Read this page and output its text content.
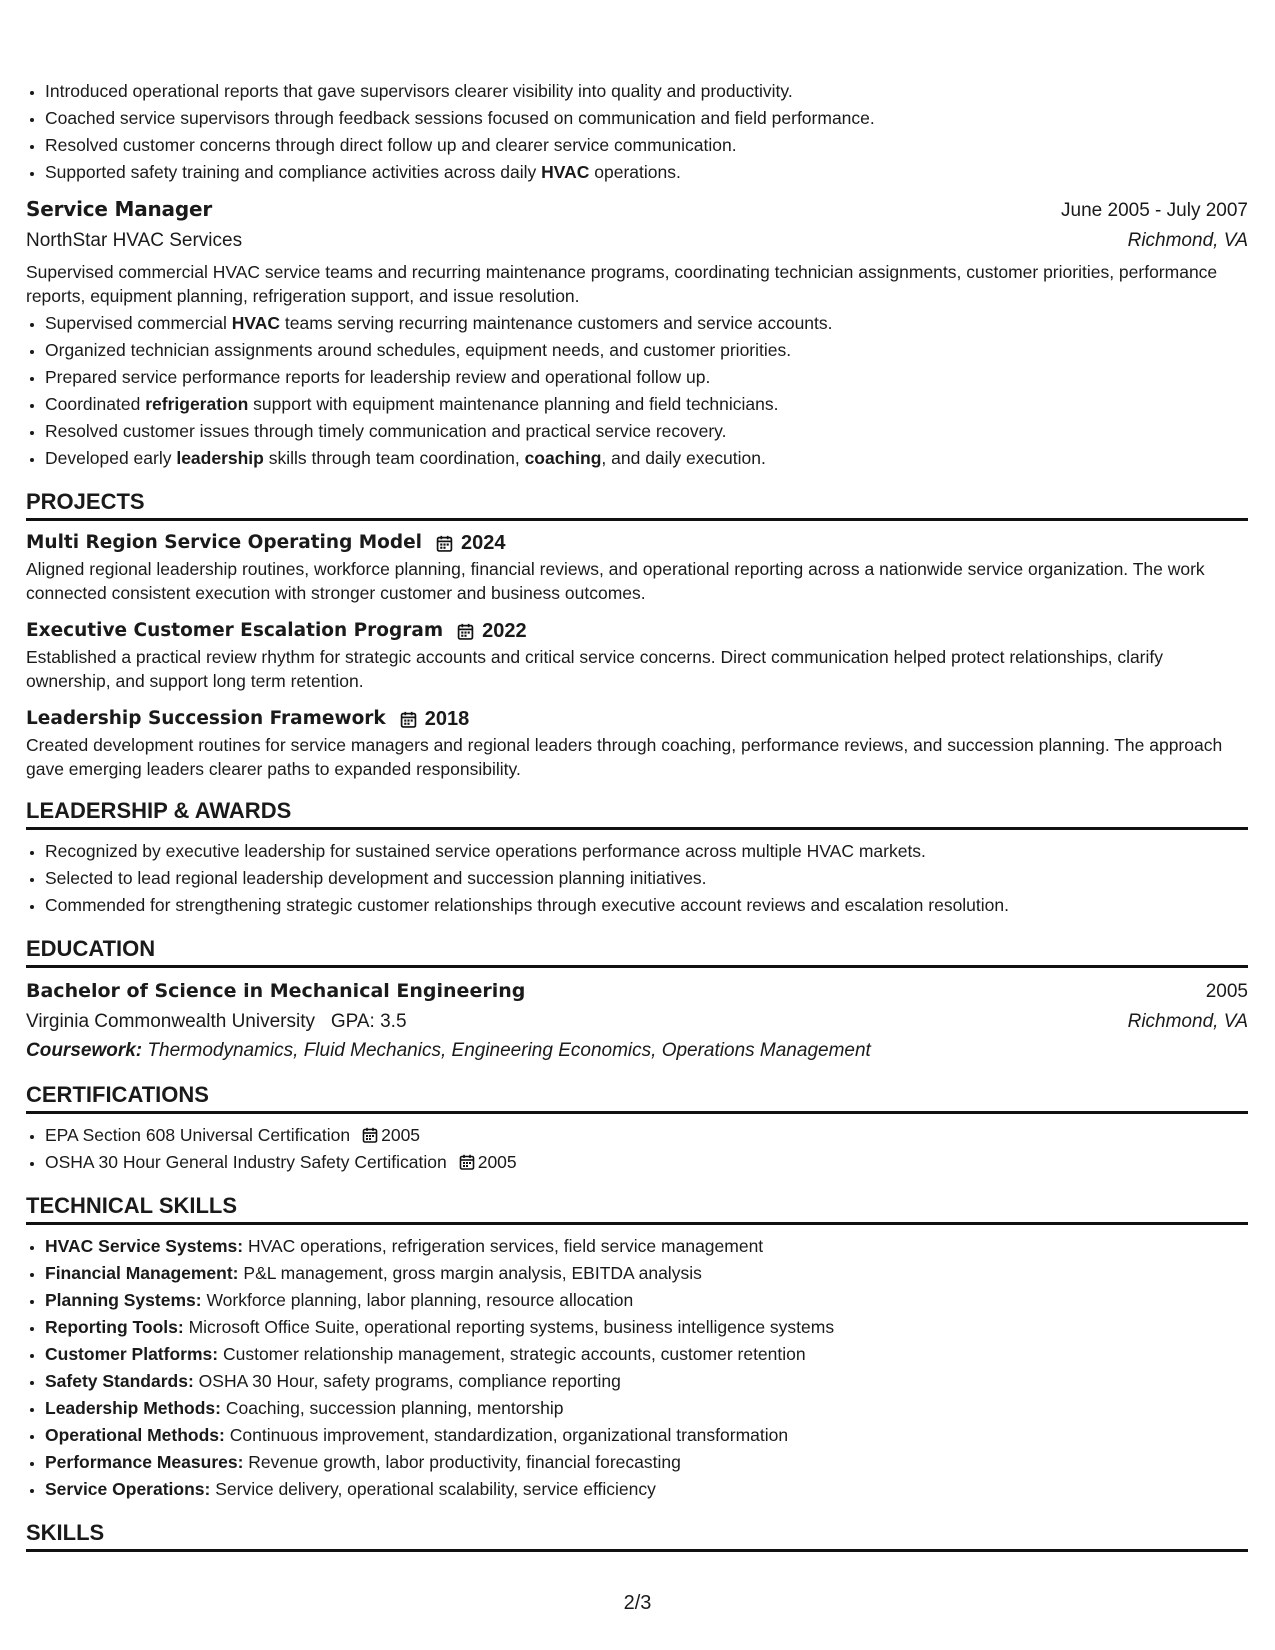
• Introduced operational reports that gave supervisors clearer visibility into quality and productivity.
• Coached service supervisors through feedback sessions focused on communication and field performance.
• Resolved customer concerns through direct follow up and clearer service communication.
• Supported safety training and compliance activities across daily HVAC operations.
Service Manager	June 2005 - July 2007
NorthStar HVAC Services	Richmond, VA
Supervised commercial HVAC service teams and recurring maintenance programs, coordinating technician assignments, customer priorities, performance reports, equipment planning, refrigeration support, and issue resolution.
• Supervised commercial HVAC teams serving recurring maintenance customers and service accounts.
• Organized technician assignments around schedules, equipment needs, and customer priorities.
• Prepared service performance reports for leadership review and operational follow up.
• Coordinated refrigeration support with equipment maintenance planning and field technicians.
• Resolved customer issues through timely communication and practical service recovery.
• Developed early leadership skills through team coordination, coaching, and daily execution.
PROJECTS
Multi Region Service Operating Model 2024
Aligned regional leadership routines, workforce planning, financial reviews, and operational reporting across a nationwide service organization. The work connected consistent execution with stronger customer and business outcomes.
Executive Customer Escalation Program 2022
Established a practical review rhythm for strategic accounts and critical service concerns. Direct communication helped protect relationships, clarify ownership, and support long term retention.
Leadership Succession Framework 2018
Created development routines for service managers and regional leaders through coaching, performance reviews, and succession planning. The approach gave emerging leaders clearer paths to expanded responsibility.
LEADERSHIP & AWARDS
• Recognized by executive leadership for sustained service operations performance across multiple HVAC markets.
• Selected to lead regional leadership development and succession planning initiatives.
• Commended for strengthening strategic customer relationships through executive account reviews and escalation resolution.
EDUCATION
Bachelor of Science in Mechanical Engineering	2005
Virginia Commonwealth University GPA: 3.5	Richmond, VA
Coursework: Thermodynamics, Fluid Mechanics, Engineering Economics, Operations Management
CERTIFICATIONS
• EPA Section 608 Universal Certification 2005
• OSHA 30 Hour General Industry Safety Certification 2005
TECHNICAL SKILLS
• HVAC Service Systems: HVAC operations, refrigeration services, field service management
• Financial Management: P&L management, gross margin analysis, EBITDA analysis
• Planning Systems: Workforce planning, labor planning, resource allocation
• Reporting Tools: Microsoft Office Suite, operational reporting systems, business intelligence systems
• Customer Platforms: Customer relationship management, strategic accounts, customer retention
• Safety Standards: OSHA 30 Hour, safety programs, compliance reporting
• Leadership Methods: Coaching, succession planning, mentorship
• Operational Methods: Continuous improvement, standardization, organizational transformation
• Performance Measures: Revenue growth, labor productivity, financial forecasting
• Service Operations: Service delivery, operational scalability, service efficiency
SKILLS
2/3
